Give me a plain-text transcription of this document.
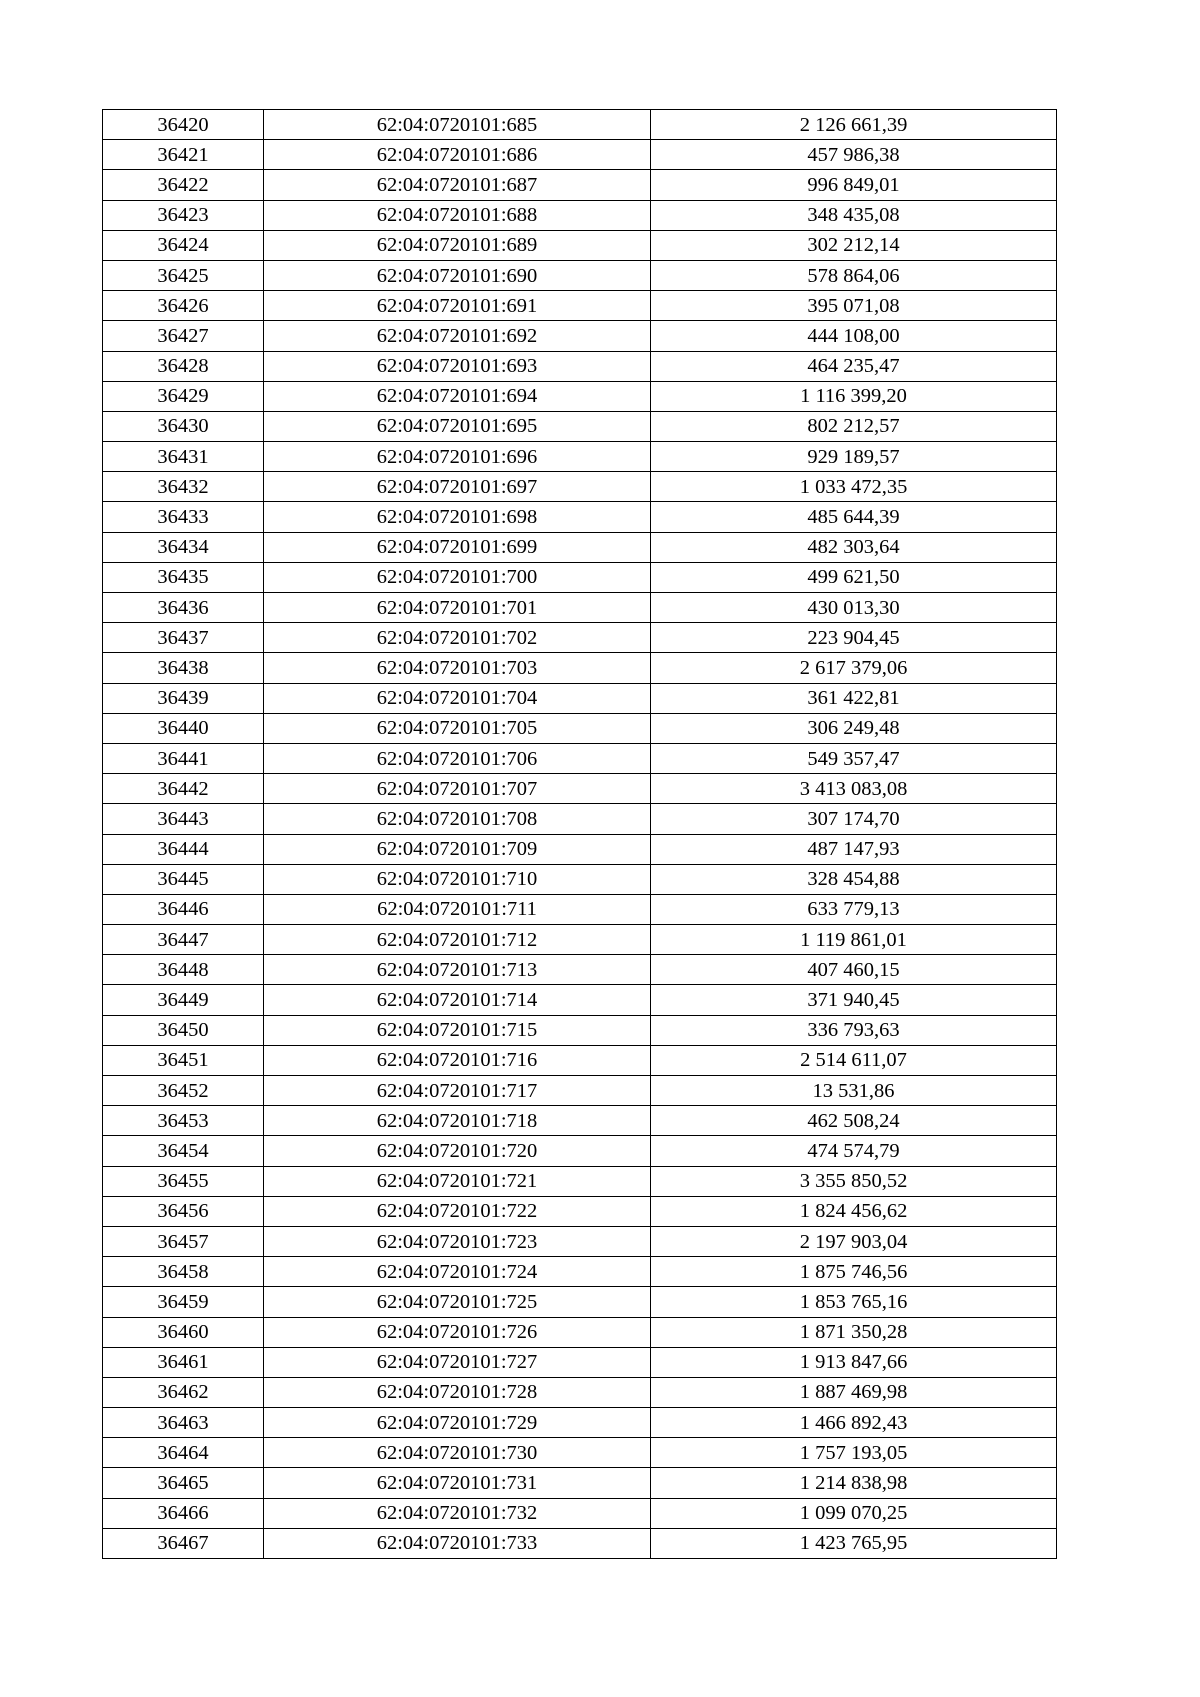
36420	62:04:0720101:685	2 126 661,39
36421	62:04:0720101:686	457 986,38
36422	62:04:0720101:687	996 849,01
36423	62:04:0720101:688	348 435,08
36424	62:04:0720101:689	302 212,14
36425	62:04:0720101:690	578 864,06
36426	62:04:0720101:691	395 071,08
36427	62:04:0720101:692	444 108,00
36428	62:04:0720101:693	464 235,47
36429	62:04:0720101:694	1 116 399,20
36430	62:04:0720101:695	802 212,57
36431	62:04:0720101:696	929 189,57
36432	62:04:0720101:697	1 033 472,35
36433	62:04:0720101:698	485 644,39
36434	62:04:0720101:699	482 303,64
36435	62:04:0720101:700	499 621,50
36436	62:04:0720101:701	430 013,30
36437	62:04:0720101:702	223 904,45
36438	62:04:0720101:703	2 617 379,06
36439	62:04:0720101:704	361 422,81
36440	62:04:0720101:705	306 249,48
36441	62:04:0720101:706	549 357,47
36442	62:04:0720101:707	3 413 083,08
36443	62:04:0720101:708	307 174,70
36444	62:04:0720101:709	487 147,93
36445	62:04:0720101:710	328 454,88
36446	62:04:0720101:711	633 779,13
36447	62:04:0720101:712	1 119 861,01
36448	62:04:0720101:713	407 460,15
36449	62:04:0720101:714	371 940,45
36450	62:04:0720101:715	336 793,63
36451	62:04:0720101:716	2 514 611,07
36452	62:04:0720101:717	13 531,86
36453	62:04:0720101:718	462 508,24
36454	62:04:0720101:720	474 574,79
36455	62:04:0720101:721	3 355 850,52
36456	62:04:0720101:722	1 824 456,62
36457	62:04:0720101:723	2 197 903,04
36458	62:04:0720101:724	1 875 746,56
36459	62:04:0720101:725	1 853 765,16
36460	62:04:0720101:726	1 871 350,28
36461	62:04:0720101:727	1 913 847,66
36462	62:04:0720101:728	1 887 469,98
36463	62:04:0720101:729	1 466 892,43
36464	62:04:0720101:730	1 757 193,05
36465	62:04:0720101:731	1 214 838,98
36466	62:04:0720101:732	1 099 070,25
36467	62:04:0720101:733	1 423 765,95
